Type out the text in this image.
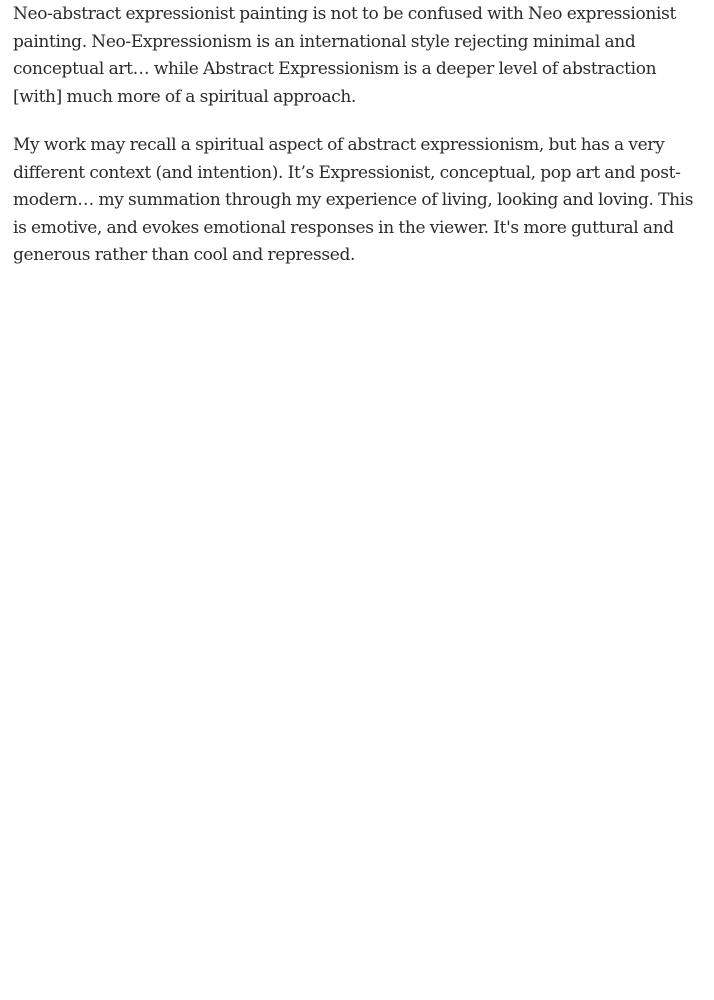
Neo-abstract expressionist painting is not to be confused with Neo expressionist painting. Neo-Expressionism is an international style rejecting minimal and conceptual art… while Abstract Expressionism is a deeper level of abstraction [with] much more of a spiritual approach.

My work may recall a spiritual aspect of abstract expressionism, but has a very different context (and intention). It’s Expressionist, conceptual, pop art and post-modern… my summation through my experience of living, looking and loving. This is emotive, and evokes emotional responses in the viewer. It's more guttural and generous rather than cool and repressed.
